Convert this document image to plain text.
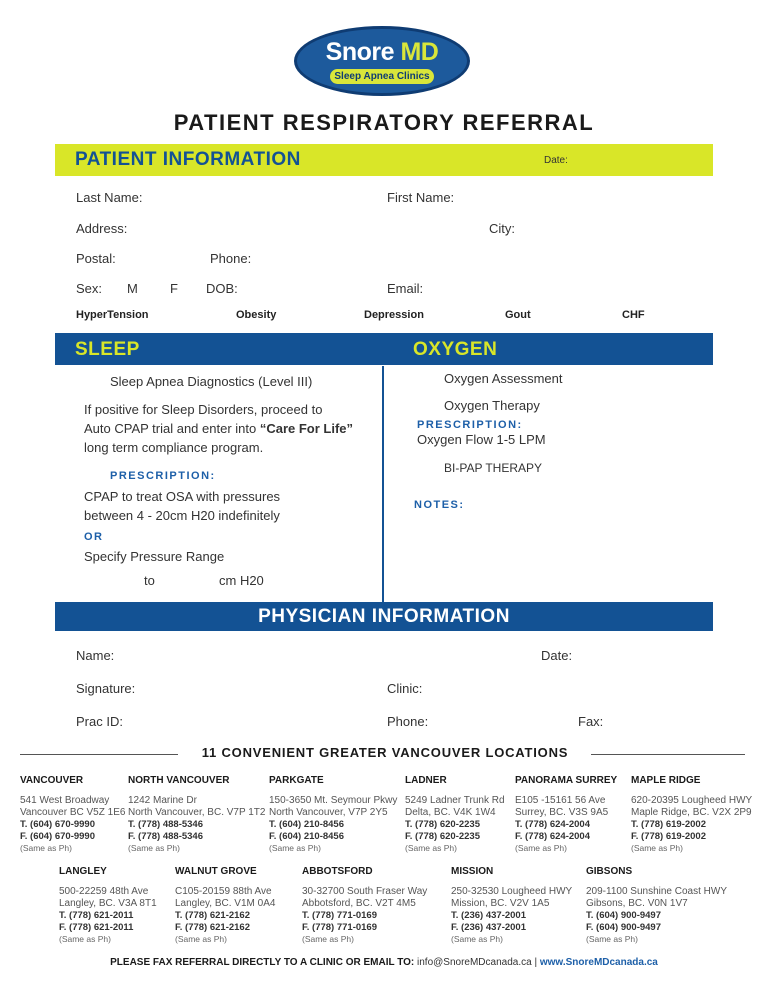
Snore MD
Sleep Apnea Clinics
PATIENT RESPIRATORY REFERRAL
PATIENT INFORMATION	Date:
Last Name:	First Name:
Address:	City:
Postal:	Phone:
Sex: M F DOB:	Email:
HyperTension	Obesity	Depression	Gout	CHF
SLEEP	OXYGEN
Sleep Apnea Diagnostics (Level III)
If positive for Sleep Disorders, proceed to
Auto CPAP trial and enter into “Care For Life”
long term compliance program.
PRESCRIPTION:
CPAP to treat OSA with pressures
between 4 - 20cm H20 indefinitely
OR
Specify Pressure Range
to	cm H20
Oxygen Assessment
Oxygen Therapy
PRESCRIPTION:
Oxygen Flow 1-5 LPM
BI-PAP THERAPY
NOTES:
PHYSICIAN INFORMATION
Name:	Date:
Signature:	Clinic:
Prac ID:	Phone:	Fax:
11 CONVENIENT GREATER VANCOUVER LOCATIONS
VANCOUVER
541 West Broadway
Vancouver BC V5Z 1E6
T. (604) 670-9990
F. (604) 670-9990
(Same as Ph)
NORTH VANCOUVER
1242 Marine Dr
North Vancouver, BC. V7P 1T2
T. (778) 488-5346
F. (778) 488-5346
(Same as Ph)
PARKGATE
150-3650 Mt. Seymour Pkwy
North Vancouver, V7P 2Y5
T. (604) 210-8456
F. (604) 210-8456
(Same as Ph)
LADNER
5249 Ladner Trunk Rd
Delta, BC. V4K 1W4
T. (778) 620-2235
F. (778) 620-2235
(Same as Ph)
PANORAMA SURREY
E105 -15161 56 Ave
Surrey, BC. V3S 9A5
T. (778) 624-2004
F. (778) 624-2004
(Same as Ph)
MAPLE RIDGE
620-20395 Lougheed HWY
Maple Ridge, BC. V2X 2P9
T. (778) 619-2002
F. (778) 619-2002
(Same as Ph)
LANGLEY
500-22259 48th Ave
Langley, BC. V3A 8T1
T. (778) 621-2011
F. (778) 621-2011
(Same as Ph)
WALNUT GROVE
C105-20159 88th Ave
Langley, BC. V1M 0A4
T. (778) 621-2162
F. (778) 621-2162
(Same as Ph)
ABBOTSFORD
30-32700 South Fraser Way
Abbotsford, BC. V2T 4M5
T. (778) 771-0169
F. (778) 771-0169
(Same as Ph)
MISSION
250-32530 Lougheed HWY
Mission, BC. V2V 1A5
T. (236) 437-2001
F. (236) 437-2001
(Same as Ph)
GIBSONS
209-1100 Sunshine Coast HWY
Gibsons, BC. V0N 1V7
T. (604) 900-9497
F. (604) 900-9497
(Same as Ph)
PLEASE FAX REFERRAL DIRECTLY TO A CLINIC OR EMAIL TO: info@SnoreMDcanada.ca | www.SnoreMDcanada.ca
